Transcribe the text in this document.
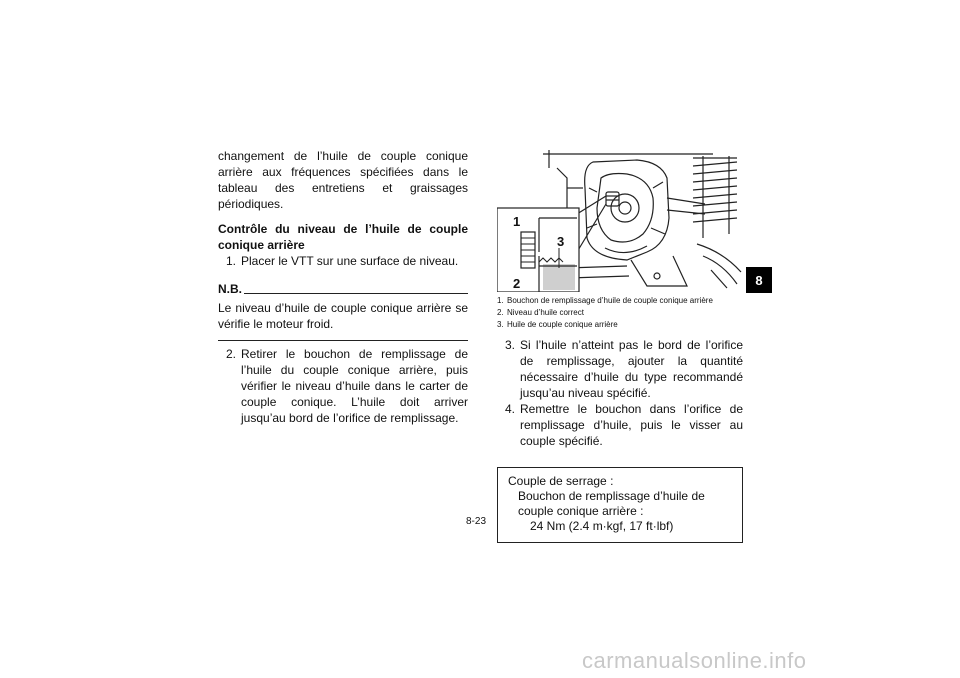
changement de l’huile de couple conique arrière aux fréquences spécifiées dans le tableau des entretiens et graissages périodiques.

Contrôle du niveau de l’huile de couple conique arrière

1. Placer le VTT sur une surface de niveau.

N.B.

Le niveau d’huile de couple conique arrière se vérifie le moteur froid.

2. Retirer le bouchon de remplissage de l’huile du couple conique arrière, puis vérifier le niveau d’huile dans le carter de couple conique. L’huile doit arriver jusqu’au bord de l’orifice de remplissage.

1
3
2
1. Bouchon de remplissage d’huile de couple conique arrière
2. Niveau d’huile correct
3. Huile de couple conique arrière

3. Si l’huile n’atteint pas le bord de l’orifice de remplissage, ajouter la quantité nécessaire d’huile du type recommandé jusqu’au niveau spécifié.

4. Remettre le bouchon dans l’orifice de remplissage d’huile, puis le visser au couple spécifié.

Couple de serrage :
Bouchon de remplissage d’huile de couple conique arrière :
24 Nm (2.4 m·kgf, 17 ft·lbf)
8-23
8
carmanualsonline.info
